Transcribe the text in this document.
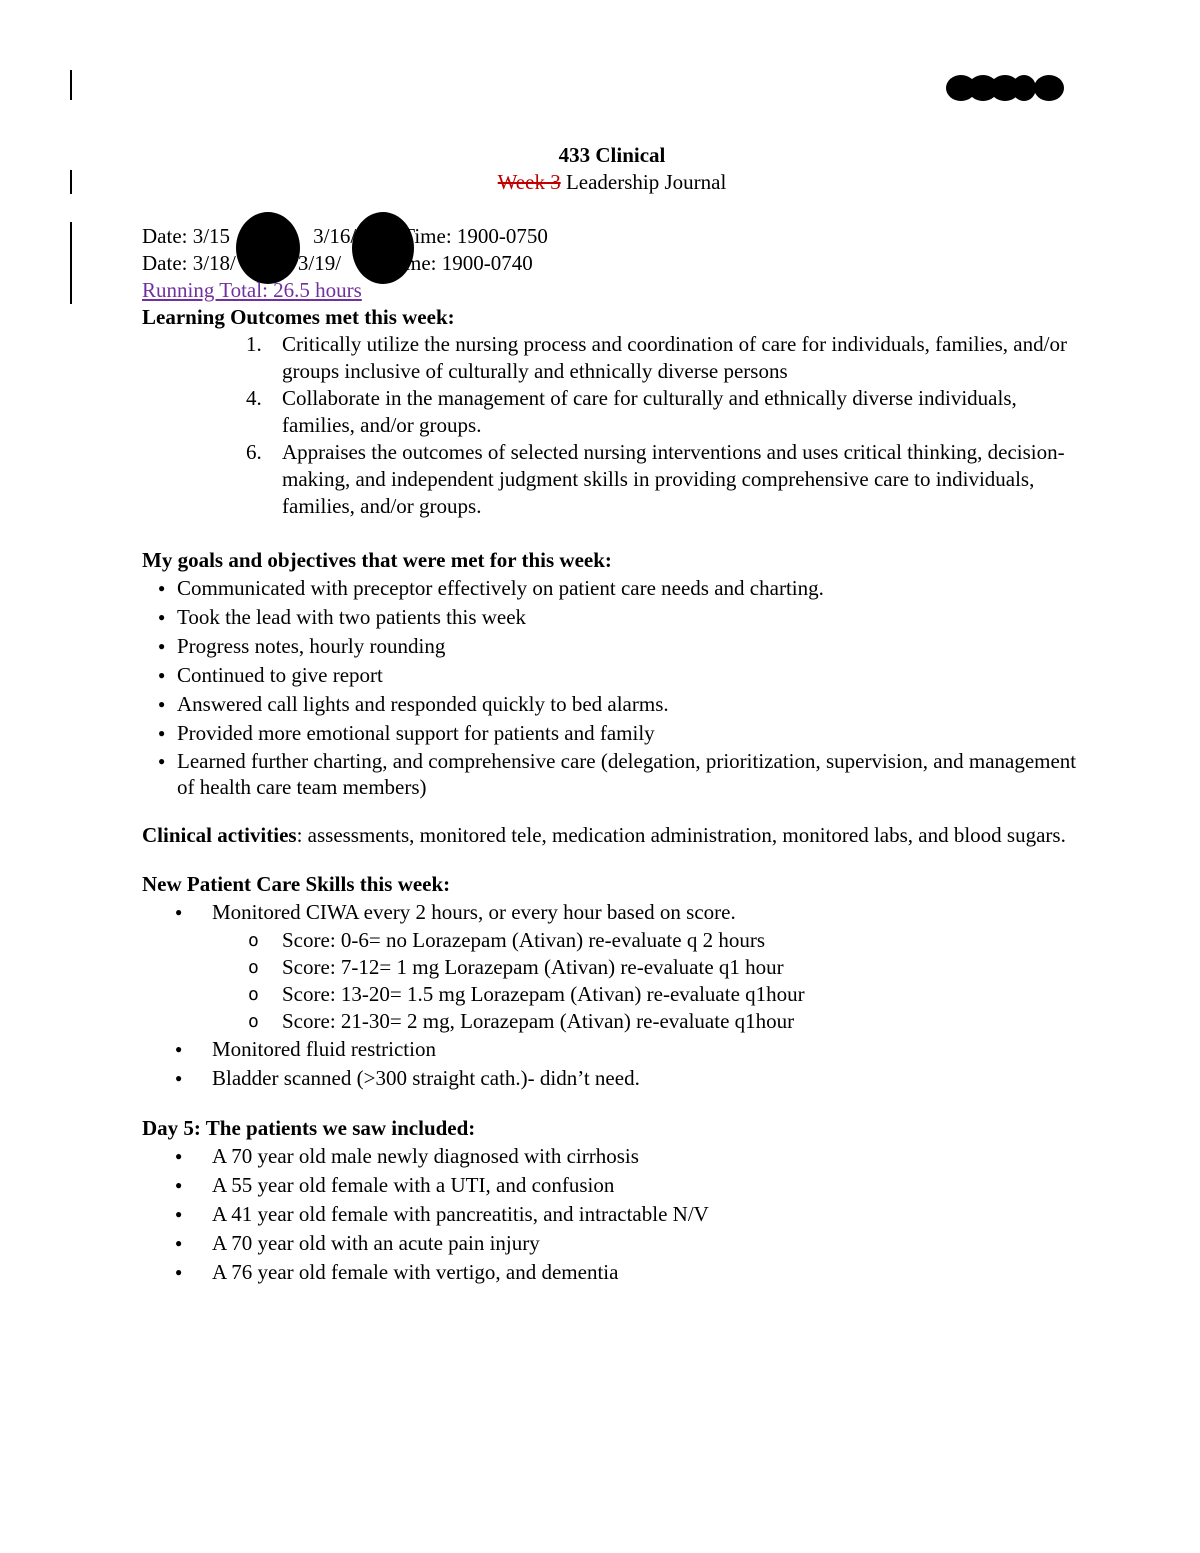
433 Clinical
Week 3 Leadership Journal
Date: 3/15	3/16/ Time: 1900-0750
Date: 3/18/	3/19/ Time: 1900-0740
Running Total: 26.5 hours
Learning Outcomes met this week:
1. Critically utilize the nursing process and coordination of care for individuals, families, and/or groups inclusive of culturally and ethnically diverse persons
4. Collaborate in the management of care for culturally and ethnically diverse individuals, families, and/or groups.
6. Appraises the outcomes of selected nursing interventions and uses critical thinking, decision-making, and independent judgment skills in providing comprehensive care to individuals, families, and/or groups.
My goals and objectives that were met for this week:
● Communicated with preceptor effectively on patient care needs and charting.
● Took the lead with two patients this week
● Progress notes, hourly rounding
● Continued to give report
● Answered call lights and responded quickly to bed alarms.
● Provided more emotional support for patients and family
● Learned further charting, and comprehensive care (delegation, prioritization, supervision, and management of health care team members)
Clinical activities: assessments, monitored tele, medication administration, monitored labs, and blood sugars.
New Patient Care Skills this week:
● Monitored CIWA every 2 hours, or every hour based on score.
o Score: 0-6= no Lorazepam (Ativan) re-evaluate q 2 hours
o Score: 7-12= 1 mg Lorazepam (Ativan) re-evaluate q1 hour
o Score: 13-20= 1.5 mg Lorazepam (Ativan) re-evaluate q1hour
o Score: 21-30= 2 mg, Lorazepam (Ativan) re-evaluate q1hour
● Monitored fluid restriction
● Bladder scanned (>300 straight cath.)- didn’t need.
Day 5: The patients we saw included:
● A 70 year old male newly diagnosed with cirrhosis
● A 55 year old female with a UTI, and confusion
● A 41 year old female with pancreatitis, and intractable N/V
● A 70 year old with an acute pain injury
● A 76 year old female with vertigo, and dementia
